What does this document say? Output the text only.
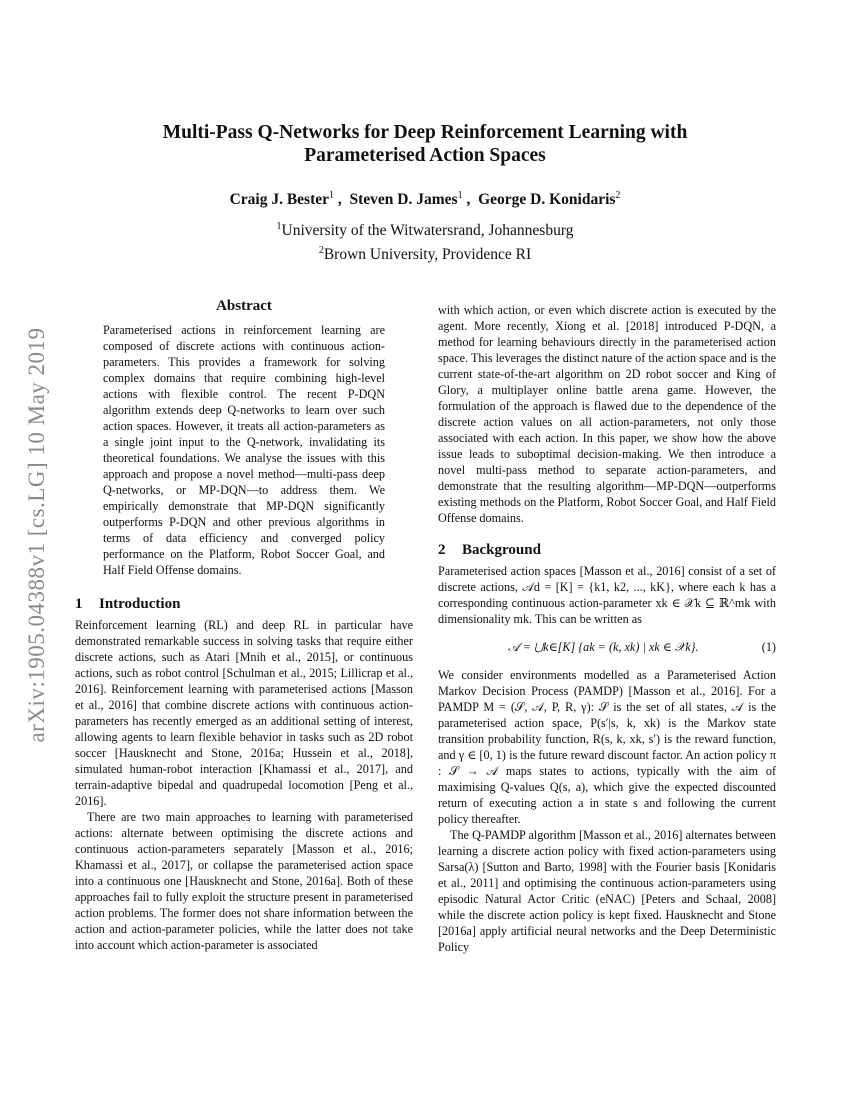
arXiv:1905.04388v1 [cs.LG] 10 May 2019
Multi-Pass Q-Networks for Deep Reinforcement Learning with
Parameterised Action Spaces
Craig J. Bester$^1$ ,  Steven D. James$^1$ ,  George D. Konidaris$^2$
$^1$University of the Witwatersrand, Johannesburg
$^2$Brown University, Providence RI
Abstract

Parameterised actions in reinforcement learning are composed of discrete actions with continuous action-parameters. This provides a framework for solving complex domains that require combining high-level actions with flexible control. The recent P-DQN algorithm extends deep Q-networks to learn over such action spaces. However, it treats all action-parameters as a single joint input to the Q-network, invalidating its theoretical foundations. We analyse the issues with this approach and propose a novel method—multi-pass deep Q-networks, or MP-DQN—to address them. We empirically demonstrate that MP-DQN significantly outperforms P-DQN and other previous algorithms in terms of data efficiency and converged policy performance on the Platform, Robot Soccer Goal, and Half Field Offense domains.

1 Introduction

Reinforcement learning (RL) and deep RL in particular have demonstrated remarkable success in solving tasks that require either discrete actions, such as Atari [Mnih et al., 2015], or continuous actions, such as robot control [Schulman et al., 2015; Lillicrap et al., 2016]. Reinforcement learning with parameterised actions [Masson et al., 2016] that combine discrete actions with continuous action-parameters has recently emerged as an additional setting of interest, allowing agents to learn flexible behavior in tasks such as 2D robot soccer [Hausknecht and Stone, 2016a; Hussein et al., 2018], simulated human-robot interaction [Khamassi et al., 2017], and terrain-adaptive bipedal and quadrupedal locomotion [Peng et al., 2016].

There are two main approaches to learning with parameterised actions: alternate between optimising the discrete actions and continuous action-parameters separately [Masson et al., 2016; Khamassi et al., 2017], or collapse the parameterised action space into a continuous one [Hausknecht and Stone, 2016a]. Both of these approaches fail to fully exploit the structure present in parameterised action problems. The former does not share information between the action and action-parameter policies, while the latter does not take into account which action-parameter is associated

with which action, or even which discrete action is executed by the agent. More recently, Xiong et al. [2018] introduced P-DQN, a method for learning behaviours directly in the parameterised action space. This leverages the distinct nature of the action space and is the current state-of-the-art algorithm on 2D robot soccer and King of Glory, a multiplayer online battle arena game. However, the formulation of the approach is flawed due to the dependence of the discrete action values on all action-parameters, not only those associated with each action. In this paper, we show how the above issue leads to suboptimal decision-making. We then introduce a novel multi-pass method to separate action-parameters, and demonstrate that the resulting algorithm—MP-DQN—outperforms existing methods on the Platform, Robot Soccer Goal, and Half Field Offense domains.

2 Background

Parameterised action spaces [Masson et al., 2016] consist of a set of discrete actions, 𝒜d = [K] = {k1, k2, ..., kK}, where each k has a corresponding continuous action-parameter xk ∈ 𝒳k ⊆ ℝ^mk with dimensionality mk. This can be written as

𝒜 = ⋃k∈[K] {ak = (k, xk) | xk ∈ 𝒳k}.	(1)

We consider environments modelled as a Parameterised Action Markov Decision Process (PAMDP) [Masson et al., 2016]. For a PAMDP M = (𝒮, 𝒜, P, R, γ): 𝒮 is the set of all states, 𝒜 is the parameterised action space, P(s′|s, k, xk) is the Markov state transition probability function, R(s, k, xk, s′) is the reward function, and γ ∈ [0, 1) is the future reward discount factor. An action policy π : 𝒮 → 𝒜 maps states to actions, typically with the aim of maximising Q-values Q(s, a), which give the expected discounted return of executing action a in state s and following the current policy thereafter.

The Q-PAMDP algorithm [Masson et al., 2016] alternates between learning a discrete action policy with fixed action-parameters using Sarsa(λ) [Sutton and Barto, 1998] with the Fourier basis [Konidaris et al., 2011] and optimising the continuous action-parameters using episodic Natural Actor Critic (eNAC) [Peters and Schaal, 2008] while the discrete action policy is kept fixed. Hausknecht and Stone [2016a] apply artificial neural networks and the Deep Deterministic Policy
